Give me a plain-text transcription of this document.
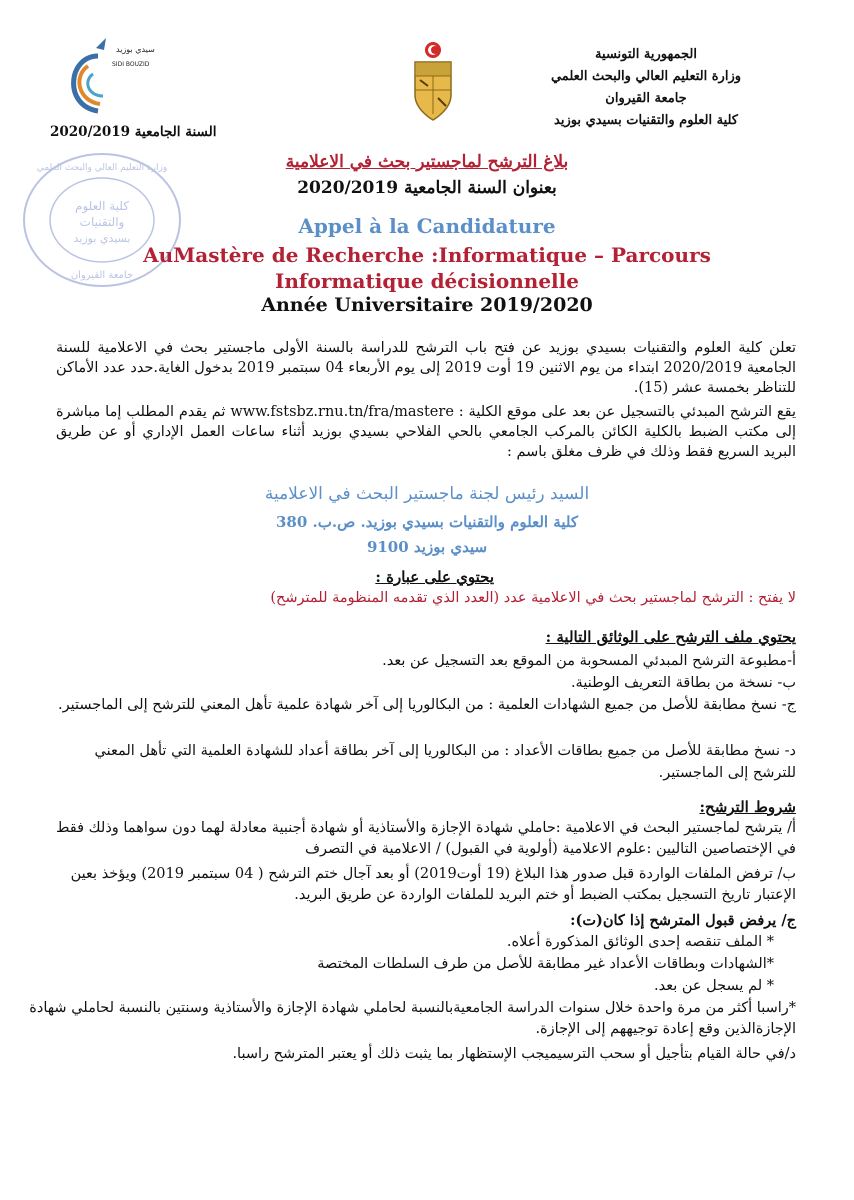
الجمهورية التونسية
وزارة التعليم العالي والبحث العلمي
جامعة القيروان
كلية العلوم والتقنيات بسيدي بوزيد
سيدي بوزيد
SIDI BOUZID
السنة الجامعية 2020/2019
كلية العلوم
والتقنيات
بسيدي بوزيد
وزارة التعليم العالي والبحث العلمي
جامعة القيروان
بلاغ الترشح لماجستير بحث في الاعلامية
بعنوان السنة الجامعية 2020/2019
Appel à la Candidature
AuMastère de Recherche :Informatique – Parcours Informatique décisionnelle
Année Universitaire 2019/2020
تعلن كلية العلوم والتقنيات بسيدي بوزيد عن فتح باب الترشح للدراسة بالسنة الأولى ماجستير بحث في الاعلامية للسنة الجامعية 2020/2019 ابتداء من يوم الاثنين 19 أوت 2019 إلى يوم الأربعاء 04 سبتمبر 2019 بدخول الغاية.حدد عدد الأماكن للتناظر بخمسة عشر (15).
يقع الترشح المبدئي بالتسجيل عن بعد على موقع الكلية : www.fstsbz.rnu.tn/fra/mastere ثم يقدم المطلب إما مباشرة إلى مكتب الضبط بالكلية الكائن بالمركب الجامعي بالحي الفلاحي بسيدي بوزيد أثناء ساعات العمل الإداري أو عن طريق البريد السريع فقط وذلك في ظرف مغلق باسم :
السيد رئيس لجنة ماجستير البحث في الاعلامية
كلية العلوم والتقنيات بسيدي بوزيد. ص.ب. 380
سيدي بوزيد 9100
يحتوي على عبارة :
لا يفتح : الترشح لماجستير بحث في الاعلامية عدد (العدد الذي تقدمه المنظومة للمترشح)
يحتوي ملف الترشح على الوثائق التالية :
أ-مطبوعة الترشح المبدئي المسحوبة من الموقع بعد التسجيل عن بعد.
ب- نسخة من بطاقة التعريف الوطنية.
ج- نسخ مطابقة للأصل من جميع الشهادات العلمية : من البكالوريا إلى آخر شهادة علمية تأهل المعني للترشح إلى الماجستير.
د- نسخ مطابقة للأصل من جميع بطاقات الأعداد : من البكالوريا إلى آخر بطاقة أعداد للشهادة العلمية التي تأهل المعني للترشح إلى الماجستير.
شروط الترشح:
أ/ يترشح لماجستير البحث في الاعلامية :حاملي شهادة الإجازة والأستاذية أو شهادة أجنبية معادلة لهما دون سواهما وذلك فقط في الإختصاصين التاليين :علوم الاعلامية (أولوية في القبول) / الاعلامية في التصرف
ب/ ترفض الملفات الواردة قبل صدور هذا البلاغ (19 أوت2019) أو بعد آجال ختم الترشح ( 04 سبتمبر 2019) ويؤخذ بعين الإعتبار تاريخ التسجيل بمكتب الضبط أو ختم البريد للملفات الواردة عن طريق البريد.
ج/ يرفض قبول المترشح إذا كان(ت):
* الملف تنقصه إحدى الوثائق المذكورة أعلاه.
*الشهادات وبطاقات الأعداد غير مطابقة للأصل من طرف السلطات المختصة
* لم يسجل عن بعد.
*راسبا أكثر من مرة واحدة خلال سنوات الدراسة الجامعيةبالنسبة لحاملي شهادة الإجازة والأستاذية وسنتين بالنسبة لحاملي شهادة الإجازةالذين وقع إعادة توجيههم إلى الإجازة.
د/في حالة القيام بتأجيل أو سحب الترسيميجب الإستظهار بما يثبت ذلك أو يعتبر المترشح راسبا.
